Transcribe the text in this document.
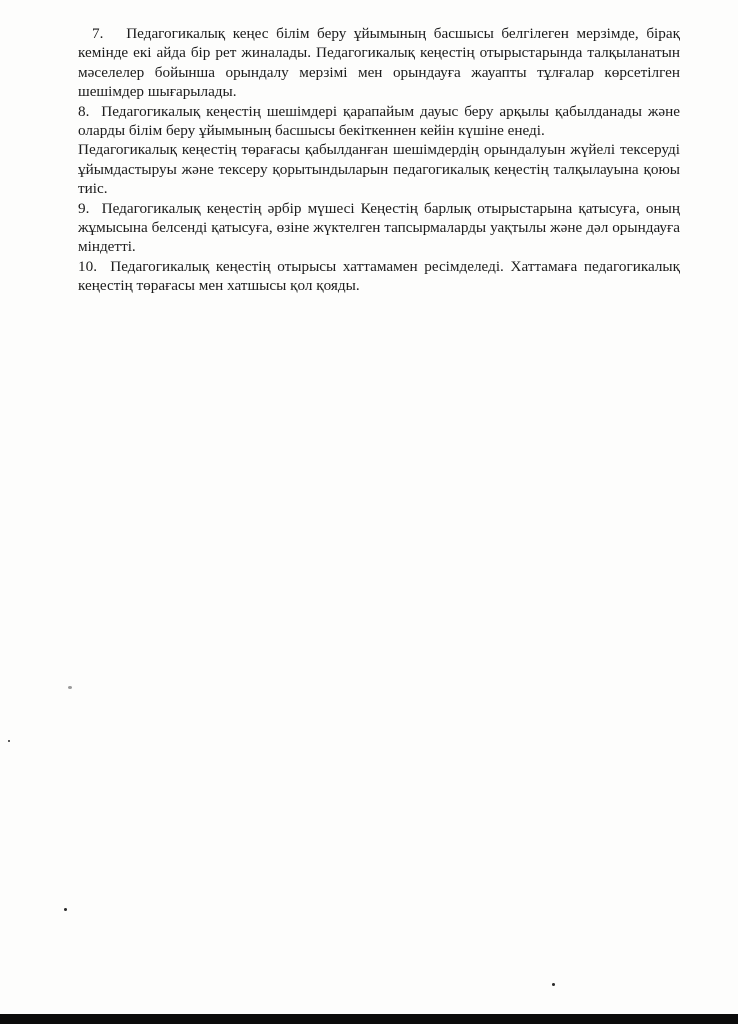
7. Педагогикалық кеңес білім беру ұйымының басшысы белгілеген мерзімде, бірақ кемінде екі айда бір рет жиналады. Педагогикалық кеңестің отырыстарында талқыланатын мәселелер бойынша орындалу мерзімі мен орындауға жауапты тұлғалар көрсетілген шешімдер шығарылады.

8. Педагогикалық кеңестің шешімдері қарапайым дауыс беру арқылы қабылданады және оларды білім беру ұйымының басшысы бекіткеннен кейін күшіне енеді.

Педагогикалық кеңестің төрағасы қабылданған шешімдердің орындалуын жүйелі тексеруді ұйымдастыруы және тексеру қорытындыларын педагогикалық кеңестің талқылауына қоюы тиіс.

9. Педагогикалық кеңестің әрбір мүшесі Кеңестің барлық отырыстарына қатысуға, оның жұмысына белсенді қатысуға, өзіне жүктелген тапсырмаларды уақтылы және дәл орындауға міндетті.

10. Педагогикалық кеңестің отырысы хаттамамен ресімделеді. Хаттамаға педагогикалық кеңестің төрағасы мен хатшысы қол қояды.
